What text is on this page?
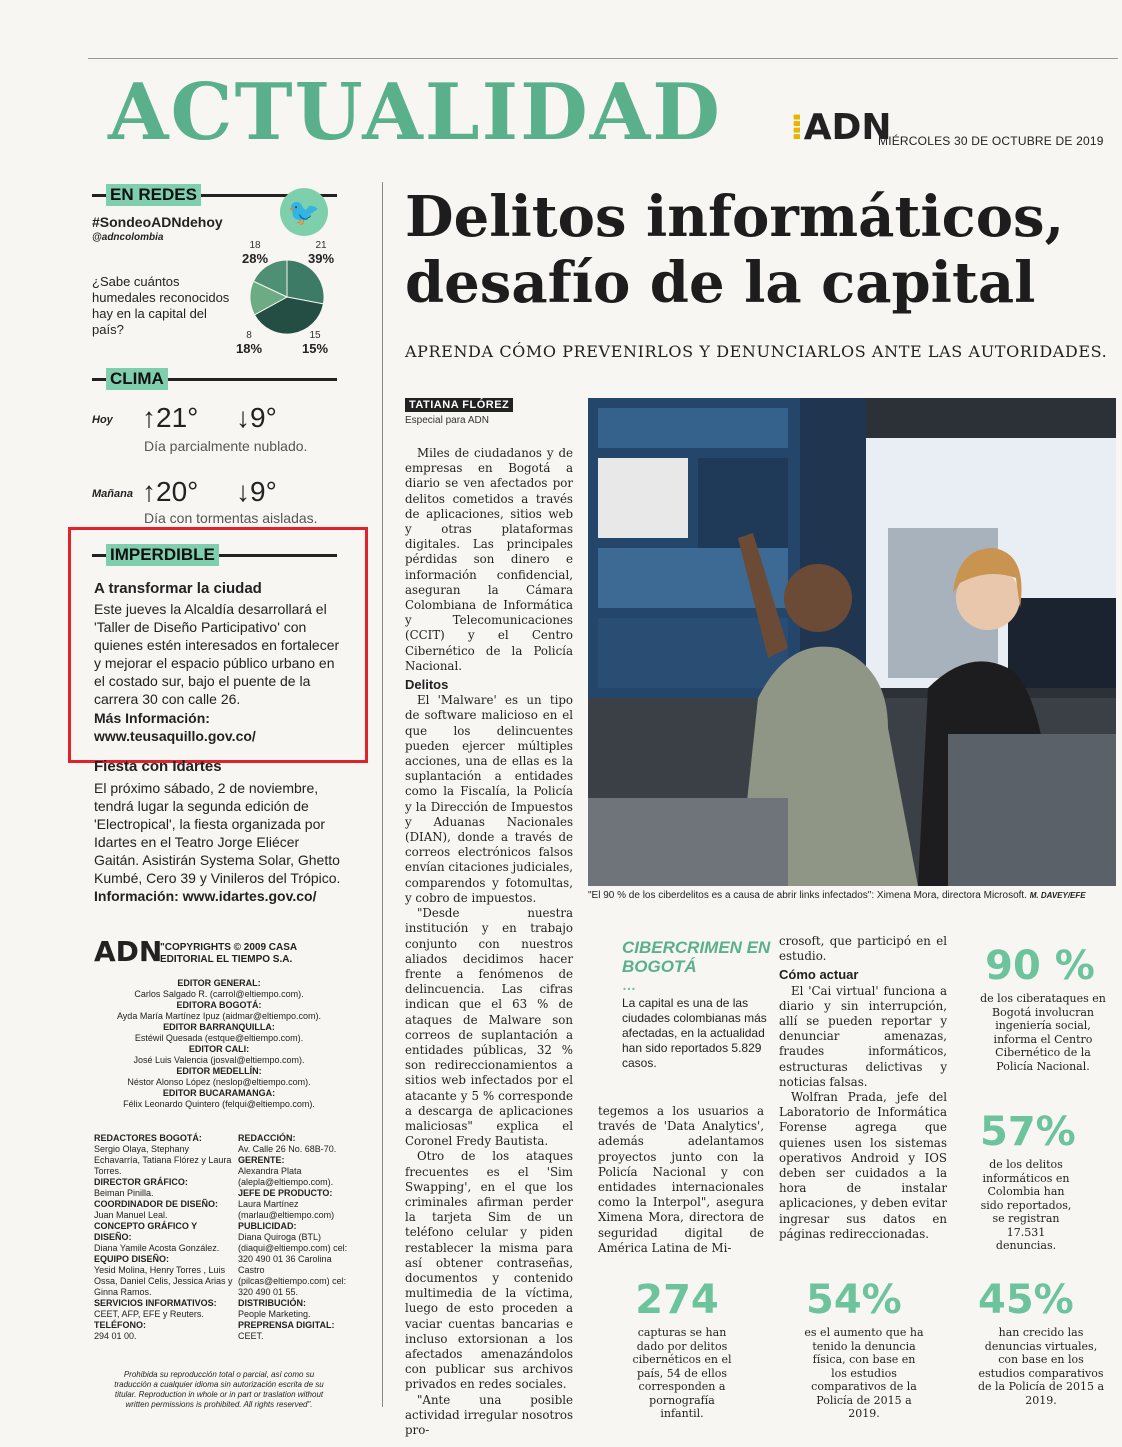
ACTUALIDAD ⁞ADN
MIÉRCOLES 30 DE OCTUBRE DE 2019
EN REDES
🐦
#SondeoADNdehoy
@adncolombia
¿Sabe cuántos humedales reconocidos hay en la capital del país?
18
28%
21
39%
15
15%
8
18%
CLIMA
Hoy ↑21° ↓9°
Día parcialmente nublado.
Mañana ↑20° ↓9°
Día con tormentas aisladas.
IMPERDIBLE
A transformar la ciudad
Este jueves la Alcaldía desarrollará el 'Taller de Diseño Participativo' con quienes estén interesados en fortalecer y mejorar el espacio público urbano en el costado sur, bajo el puente de la carrera 30 con calle 26.
Más Información:
www.teusaquillo.gov.co/
Fiesta con Idartes
El próximo sábado, 2 de noviembre, tendrá lugar la segunda edición de 'Electropical', la fiesta organizada por Idartes en el Teatro Jorge Eliécer Gaitán. Asistirán Systema Solar, Ghetto Kumbé, Cero 39 y Vinileros del Trópico.
Información: www.idartes.gov.co/
ADN
"COPYRIGHTS © 2009 CASA EDITORIAL EL TIEMPO S.A.
EDITOR GENERAL:
Carlos Salgado R. (carrol@eltiempo.com).
EDITORA BOGOTÁ:
Ayda María Martínez Ipuz (aidmar@eltiempo.com).
EDITOR BARRANQUILLA:
Estéwil Quesada (estque@eltiempo.com).
EDITOR CALI:
José Luis Valencia (josval@eltiempo.com).
EDITOR MEDELLÍN:
Néstor Alonso López (neslop@eltiempo.com).
EDITOR BUCARAMANGA:
Félix Leonardo Quintero (felqui@eltiempo.com).
REDACTORES BOGOTÁ:
Sergio Olaya, Stephany Echavarría, Tatiana Flórez y Laura Torres.
DIRECTOR GRÁFICO:
Beiman Pinilla.
COORDINADOR DE DISEÑO:
Juan Manuel Leal.
CONCEPTO GRÁFICO Y DISEÑO:
Diana Yamile Acosta González.
EQUIPO DISEÑO:
Yesid Molina, Henry Torres , Luis Ossa, Daniel Celis, Jessica Arias y Ginna Ramos.
SERVICIOS INFORMATIVOS:
CEET, AFP, EFE y Reuters.
TELÉFONO:
294 01 00.
REDACCIÓN:
Av. Calle 26 No. 68B-70.
GERENTE:
Alexandra Plata (alepla@eltiempo.com).
JEFE DE PRODUCTO:
Laura Martínez (marlau@eltiempo.com)
PUBLICIDAD:
Diana Quiroga (BTL) (diaqui@eltiempo.com) cel: 320 490 01 36 Carolina Castro (pilcas@eltiempo.com) cel: 320 490 01 55.
DISTRIBUCIÓN:
People Marketing.
PREPRENSA DIGITAL:
CEET.
Prohibida su reproducción total o parcial, así como su traducción a cualquier idioma sin autorización escrita de su titular. Reproduction in whole or in part or traslation without written permissions is prohibited. All rights reserved".
Delitos informáticos, desafío de la capital
APRENDA CÓMO PREVENIRLOS Y DENUNCIARLOS ANTE LAS AUTORIDADES.
TATIANA FLÓREZ
Especial para ADN

Miles de ciudadanos y de empresas en Bogotá a diario se ven afectados por delitos cometidos a través de aplicaciones, sitios web y otras plataformas digitales. Las principales pérdidas son dinero e información confidencial, aseguran la Cámara Colombiana de Informática y Telecomunicaciones (CCIT) y el Centro Cibernético de la Policía Nacional.

Delitos

El 'Malware' es un tipo de software malicioso en el que los delincuentes pueden ejercer múltiples acciones, una de ellas es la suplantación a entidades como la Fiscalía, la Policía y la Dirección de Impuestos y Aduanas Nacionales (DIAN), donde a través de correos electrónicos falsos envían citaciones judiciales, comparendos y fotomultas, y cobro de impuestos.

"Desde nuestra institución y en trabajo conjunto con nuestros aliados decidimos hacer frente a fenómenos de delincuencia. Las cifras indican que el 63 % de ataques de Malware son correos de suplantación a entidades públicas, 32 % son redireccionamientos a sitios web infectados por el atacante y 5 % corresponde a descarga de aplicaciones maliciosas" explica el Coronel Fredy Bautista.

Otro de los ataques frecuentes es el 'Sim Swapping', en el que los criminales afirman perder la tarjeta Sim de un teléfono celular y piden restablecer la misma para así obtener contraseñas, documentos y contenido multimedia de la víctima, luego de esto proceden a vaciar cuentas bancarias e incluso extorsionan a los afectados amenazándolos con publicar sus archivos privados en redes sociales.

"Ante una posible actividad irregular nosotros pro-

"El 90 % de los ciberdelitos es a causa de abrir links infectados": Ximena Mora, directora Microsoft. M. DAVEY/EFE
CIBERCRIMEN EN BOGOTÁ
…
La capital es una de las ciudades colombianas más afectadas, en la actualidad han sido reportados 5.829 casos.
tegemos a los usuarios a través de 'Data Analytics', además adelantamos proyectos junto con la Policía Nacional y con entidades internacionales como la Interpol", asegura Ximena Mora, directora de seguridad digital de América Latina de Mi-

crosoft, que participó en el estudio.

Cómo actuar

El 'Cai virtual' funciona a diario y sin interrupción, allí se pueden reportar y denunciar amenazas, fraudes informáticos, estructuras delictivas y noticias falsas.

Wolfran Prada, jefe del Laboratorio de Informática Forense agrega que quienes usen los sistemas operativos Android y IOS deben ser cuidados a la hora de instalar aplicaciones, y deben evitar ingresar sus datos en páginas redireccionadas.

90 %
de los ciberataques en Bogotá involucran ingeniería social, informa el Centro Cibernético de la Policía Nacional.
57%
de los delitos informáticos en Colombia han sido reportados, se registran 17.531 denuncias.
274
capturas se han dado por delitos cibernéticos en el país, 54 de ellos corresponden a pornografía infantil.
54%
es el aumento que ha tenido la denuncia física, con base en los estudios comparativos de la Policía de 2015 a 2019.
45%
han crecido las denuncias virtuales, con base en los estudios comparativos de la Policía de 2015 a 2019.
